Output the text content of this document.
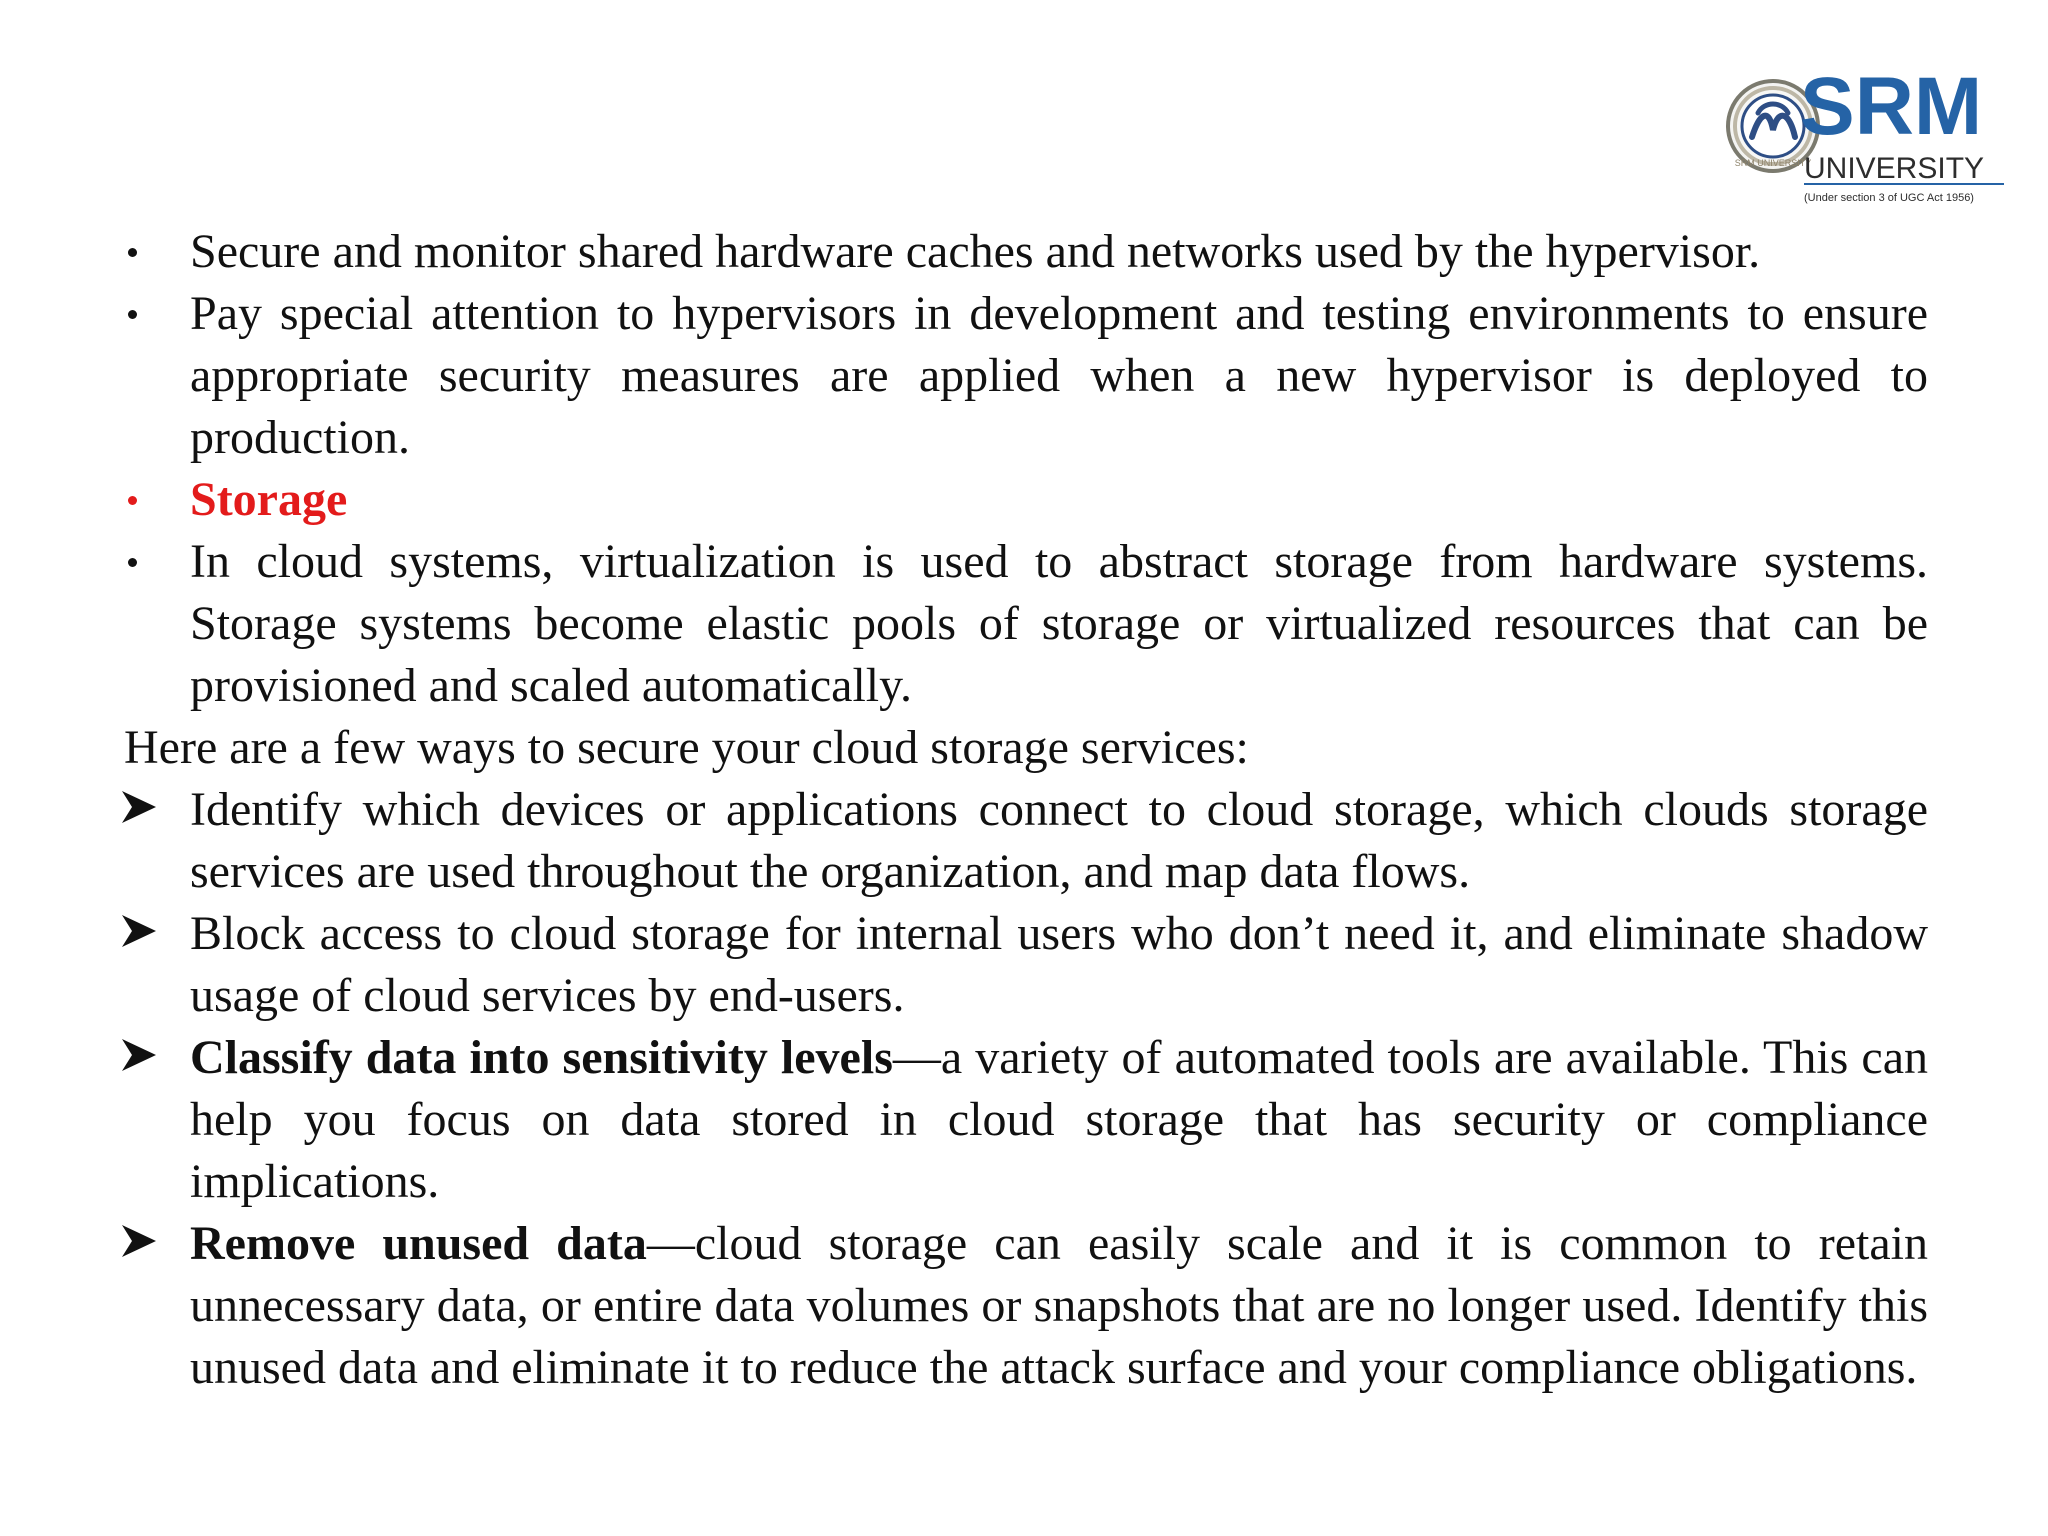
SRM UNIVERSITY
SRM
UNIVERSITY
(Under section 3 of UGC Act 1956)
Secure and monitor shared hardware caches and networks used by the hypervisor.
Pay special attention to hypervisors in development and testing environments to ensure appropriate security measures are applied when a new hypervisor is deployed to production.
Storage
In cloud systems, virtualization is used to abstract storage from hardware systems. Storage systems become elastic pools of storage or virtualized resources that can be provisioned and scaled automatically.
Here are a few ways to secure your cloud storage services:
Identify which devices or applications connect to cloud storage, which clouds storage services are used throughout the organization, and map data flows.
Block access to cloud storage for internal users who don’t need it, and eliminate shadow usage of cloud services by end-users.
Classify data into sensitivity levels—a variety of automated tools are available. This can help you focus on data stored in cloud storage that has security or compliance implications.
Remove unused data—cloud storage can easily scale and it is common to retain unnecessary data, or entire data volumes or snapshots that are no longer used. Identify this unused data and eliminate it to reduce the attack surface and your compliance obligations.
